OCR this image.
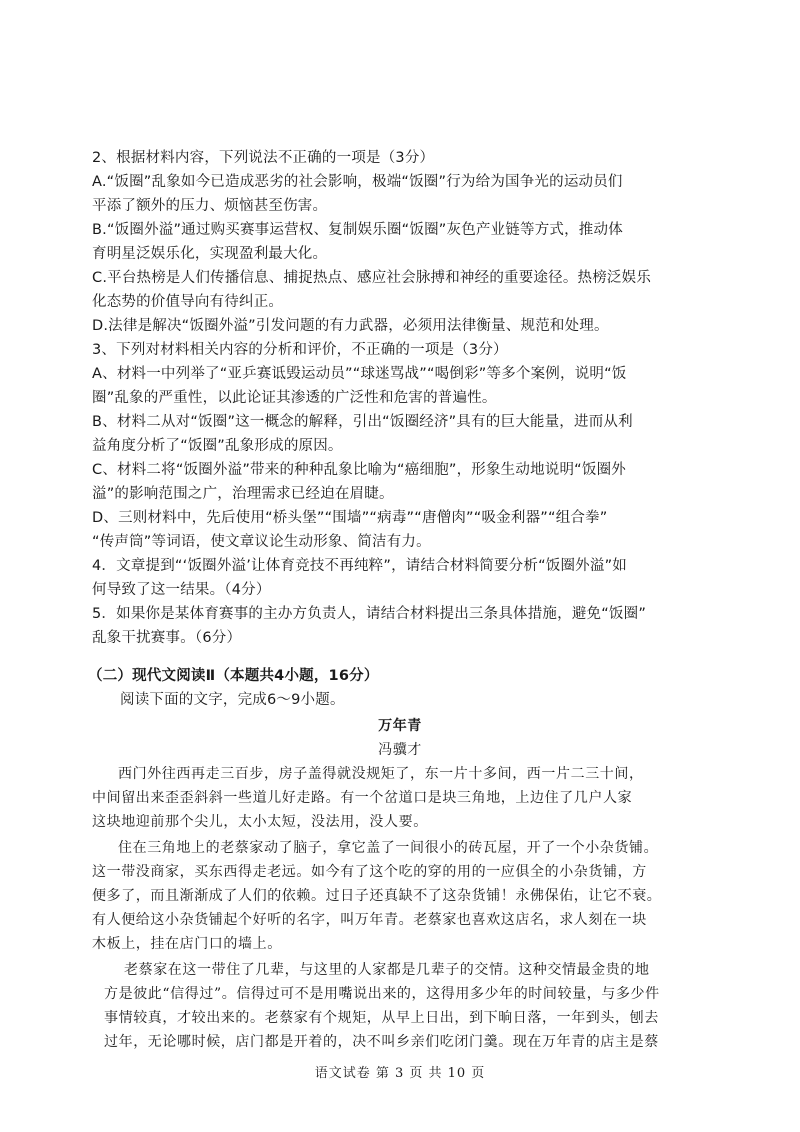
2、根据材料内容，下列说法不正确的一项是（3分）
A.“饭圈”乱象如今已造成恶劣的社会影响，极端“饭圈”行为给为国争光的运动员们
平添了额外的压力、烦恼甚至伤害。
B.“饭圈外溢”通过购买赛事运营权、复制娱乐圈“饭圈”灰色产业链等方式，推动体
育明星泛娱乐化，实现盈利最大化。
C.平台热榜是人们传播信息、捕捉热点、感应社会脉搏和神经的重要途径。热榜泛娱乐
化态势的价值导向有待纠正。
D.法律是解决“饭圈外溢”引发问题的有力武器，必须用法律衡量、规范和处理。
3、下列对材料相关内容的分析和评价，不正确的一项是（3分）
A、材料一中列举了“亚乒赛诋毁运动员”“球迷骂战”“喝倒彩”等多个案例，说明“饭
圈”乱象的严重性，以此论证其渗透的广泛性和危害的普遍性。
B、材料二从对“饭圈”这一概念的解释，引出“饭圈经济”具有的巨大能量，进而从利
益角度分析了“饭圈”乱象形成的原因。
C、材料二将“饭圈外溢”带来的种种乱象比喻为“癌细胞”，形象生动地说明“饭圈外
溢”的影响范围之广，治理需求已经迫在眉睫。
D、三则材料中，先后使用“桥头堡”“围墙”“病毒”“唐僧肉”“吸金利器”“组合拳”
“传声筒”等词语，使文章议论生动形象、简洁有力。
4．文章提到“‘饭圈外溢’让体育竞技不再纯粹”，请结合材料简要分析“饭圈外溢”如
何导致了这一结果。（4分）
5．如果你是某体育赛事的主办方负责人，请结合材料提出三条具体措施，避免“饭圈”
乱象干扰赛事。（6分）
（二）现代文阅读Ⅱ（本题共4小题，16分）
阅读下面的文字，完成6～9小题。
万年青
冯骥才
西门外往西再走三百步，房子盖得就没规矩了，东一片十多间，西一片二三十间，
中间留出来歪歪斜斜一些道儿好走路。有一个岔道口是块三角地，上边住了几户人家
这块地迎前那个尖儿，太小太短，没法用，没人要。
住在三角地上的老蔡家动了脑子，拿它盖了一间很小的砖瓦屋，开了一个小杂货铺。
这一带没商家，买东西得走老远。如今有了这个吃的穿的用的一应俱全的小杂货铺，方
便多了，而且渐渐成了人们的依赖。过日子还真缺不了这杂货铺！永佛保佑，让它不衰。
有人便给这小杂货铺起个好听的名字，叫万年青。老蔡家也喜欢这店名，求人刻在一块
木板上，挂在店门口的墙上。
老蔡家在这一带住了几辈，与这里的人家都是几辈子的交情。这种交情最金贵的地
方是彼此“信得过”。信得过可不是用嘴说出来的，这得用多少年的时间较量，与多少件
事情较真，才较出来的。老蔡家有个规矩，从早上日出，到下晌日落，一年到头，刨去
过年，无论哪时候，店门都是开着的，决不叫乡亲们吃闭门羹。现在万年青的店主是蔡
语文试卷 第 3 页 共 10 页
